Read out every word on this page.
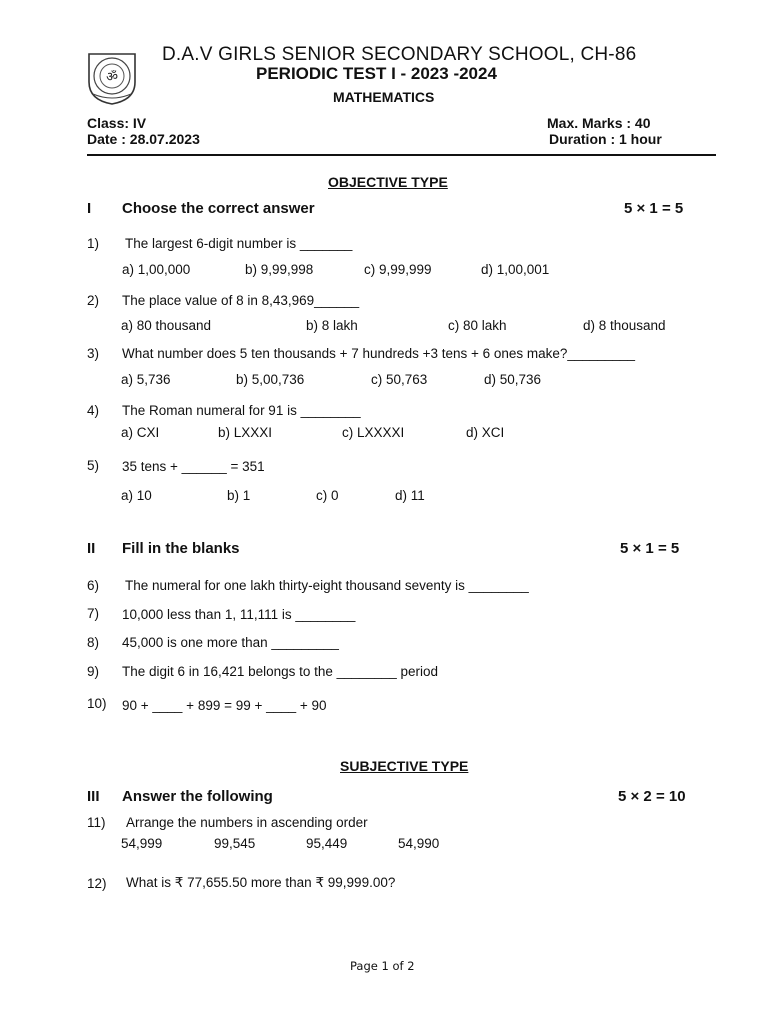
ॐ
D.A.V GIRLS SENIOR SECONDARY SCHOOL, CH-86
PERIODIC TEST I - 2023 -2024
MATHEMATICS
Class: IV
Date : 28.07.2023
Max. Marks : 40
Duration : 1 hour
OBJECTIVE TYPE
I Choose the correct answer	5 × 1 = 5
1) The largest 6-digit number is _______
a) 1,00,000	b) 9,99,998	c) 9,99,999	d) 1,00,001
2) The place value of 8 in 8,43,969______
a) 80 thousand	b) 8 lakh	c) 80 lakh	d) 8 thousand
3) What number does 5 ten thousands + 7 hundreds +3 tens + 6 ones make?_________
a) 5,736	b) 5,00,736	c) 50,763	d) 50,736
4) The Roman numeral for 91 is ________
a) CXI	b) LXXXI	c) LXXXXI	d) XCI
5) 35 tens + ______ = 351
a) 10	b) 1	c) 0	d) 11
II Fill in the blanks	5 × 1 = 5
6) The numeral for one lakh thirty-eight thousand seventy is ________
7) 10,000 less than 1, 11,111 is ________
8) 45,000 is one more than _________
9) The digit 6 in 16,421 belongs to the ________ period
10) 90 + ____ + 899 = 99 + ____ + 90
SUBJECTIVE TYPE
III Answer the following	5 × 2 = 10
11) Arrange the numbers in ascending order
54,999	99,545	95,449	54,990
12) What is ₹ 77,655.50 more than ₹ 99,999.00?
Page 1 of 2
